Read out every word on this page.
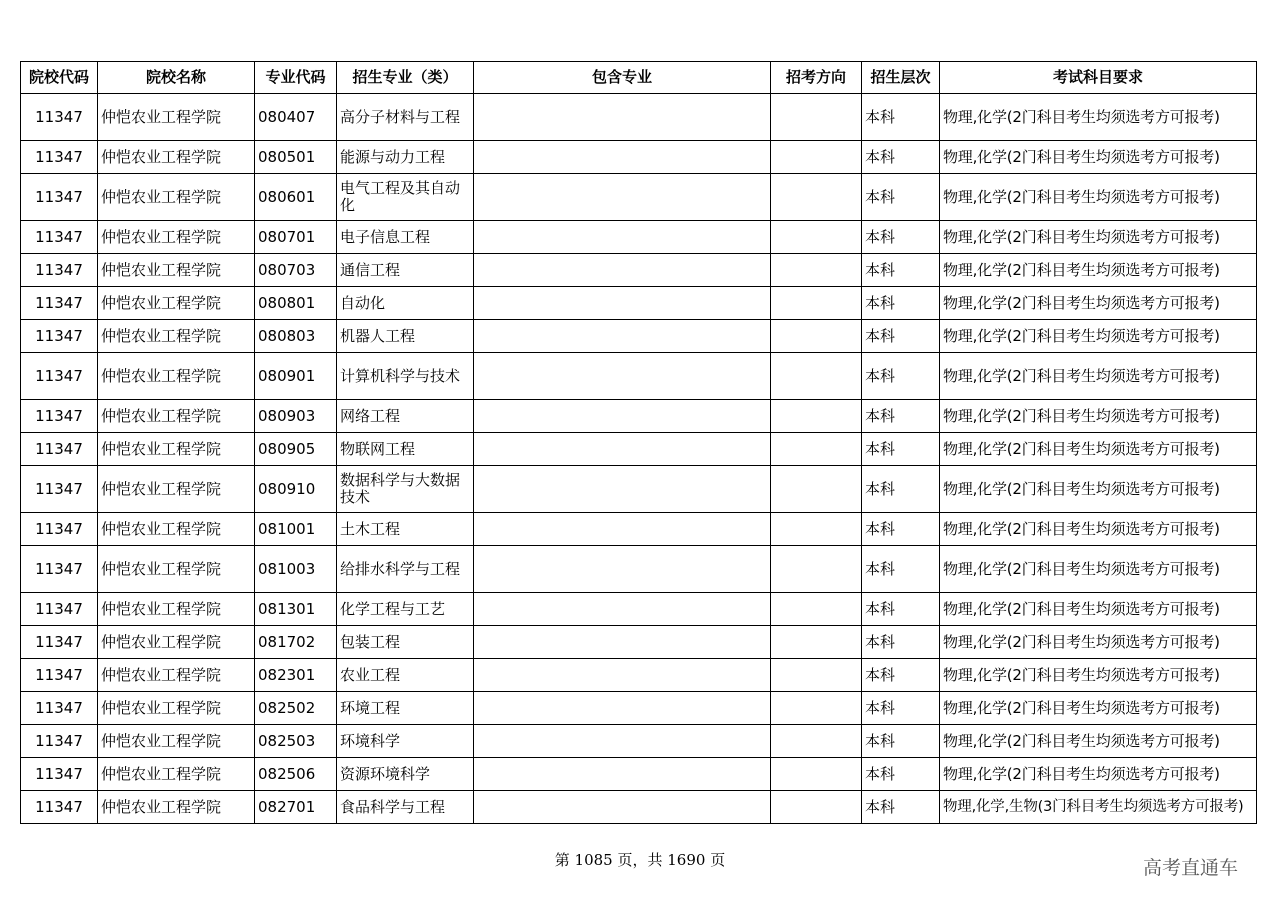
院校代码	院校名称	专业代码	招生专业（类）	包含专业	招考方向	招生层次	考试科目要求
11347	仲恺农业工程学院	080407	高分子材料与工程			本科	物理,化学(2门科目考生均须选考方可报考)
11347	仲恺农业工程学院	080501	能源与动力工程			本科	物理,化学(2门科目考生均须选考方可报考)
11347	仲恺农业工程学院	080601	电气工程及其自动化			本科	物理,化学(2门科目考生均须选考方可报考)
11347	仲恺农业工程学院	080701	电子信息工程			本科	物理,化学(2门科目考生均须选考方可报考)
11347	仲恺农业工程学院	080703	通信工程			本科	物理,化学(2门科目考生均须选考方可报考)
11347	仲恺农业工程学院	080801	自动化			本科	物理,化学(2门科目考生均须选考方可报考)
11347	仲恺农业工程学院	080803	机器人工程			本科	物理,化学(2门科目考生均须选考方可报考)
11347	仲恺农业工程学院	080901	计算机科学与技术			本科	物理,化学(2门科目考生均须选考方可报考)
11347	仲恺农业工程学院	080903	网络工程			本科	物理,化学(2门科目考生均须选考方可报考)
11347	仲恺农业工程学院	080905	物联网工程			本科	物理,化学(2门科目考生均须选考方可报考)
11347	仲恺农业工程学院	080910	数据科学与大数据技术			本科	物理,化学(2门科目考生均须选考方可报考)
11347	仲恺农业工程学院	081001	土木工程			本科	物理,化学(2门科目考生均须选考方可报考)
11347	仲恺农业工程学院	081003	给排水科学与工程			本科	物理,化学(2门科目考生均须选考方可报考)
11347	仲恺农业工程学院	081301	化学工程与工艺			本科	物理,化学(2门科目考生均须选考方可报考)
11347	仲恺农业工程学院	081702	包装工程			本科	物理,化学(2门科目考生均须选考方可报考)
11347	仲恺农业工程学院	082301	农业工程			本科	物理,化学(2门科目考生均须选考方可报考)
11347	仲恺农业工程学院	082502	环境工程			本科	物理,化学(2门科目考生均须选考方可报考)
11347	仲恺农业工程学院	082503	环境科学			本科	物理,化学(2门科目考生均须选考方可报考)
11347	仲恺农业工程学院	082506	资源环境科学			本科	物理,化学(2门科目考生均须选考方可报考)
11347	仲恺农业工程学院	082701	食品科学与工程			本科	物理,化学,生物(3门科目考生均须选考方可报考)
第 1085 页，共 1690 页	高考直通车
